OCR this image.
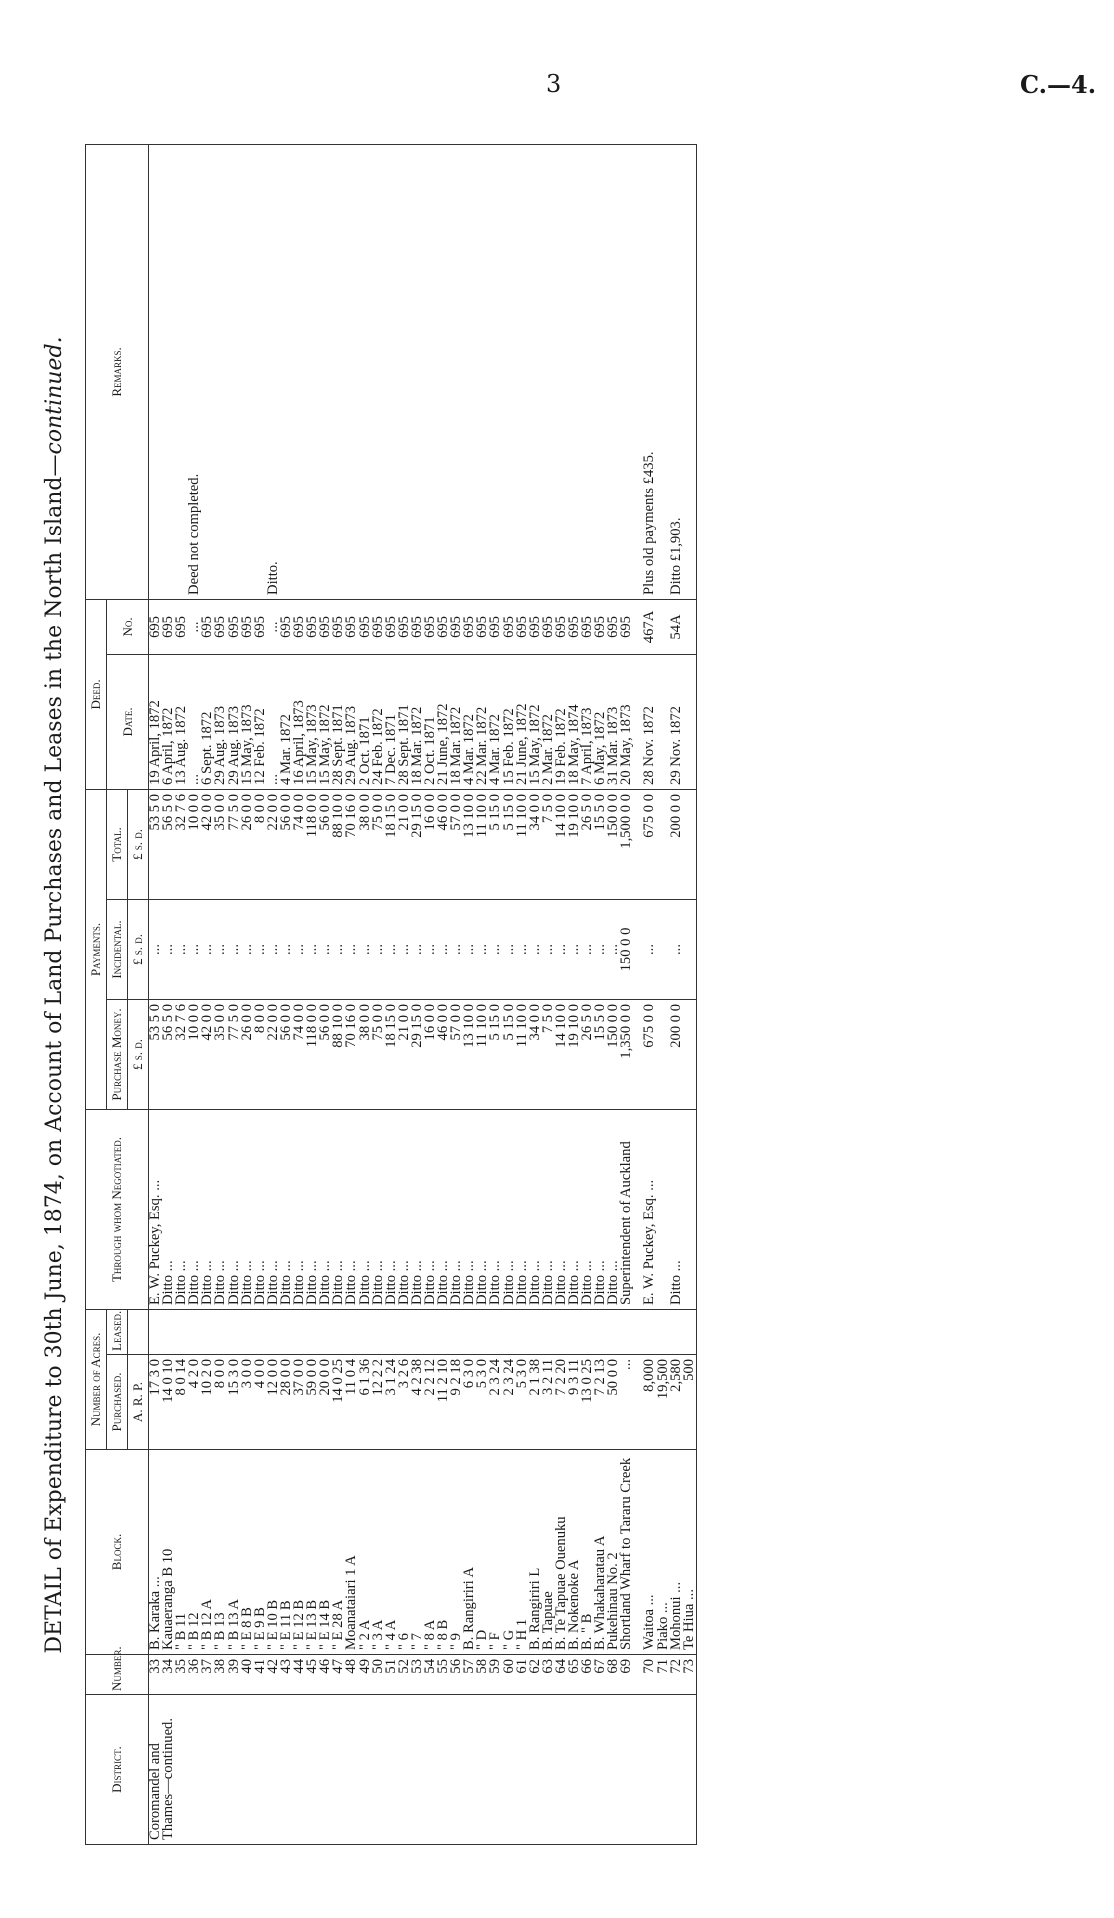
3	C.—4.
DETAIL of Expenditure to 30th June, 1874, on Account of Land Purchases and Leases in the North Island—continued.
District.	Number.	Block.	Number of Acres.		Through whom Negotiated.	Payments.			Deed.		Remarks.
			Purchased.	Leased.		Purchase Money.	Incidental.	Total.	Date.	No.	
			A. R. P.			£ s. d.	£ s. d.	£ s. d.			
Coromandel and	33	B. Karaka ...	17 3 0		E. W. Puckey, Esq. ...	53 5 0	...	53 5 0	19 April, 1872	695	
Thames—continued.	34	Kauaeranga B 10	14 0 10		Ditto ...	56 5 0	...	56 5 0	6 April, 1872	695	
	35	" B 11	8 0 14		Ditto ...	32 7 6	...	32 7 6	13 Aug. 1872	695	
	36	" B 12	4 2 0		Ditto ...	10 0 0	...	10 0 0	...	...	Deed not completed.
	37	" B 12 A	10 2 0		Ditto ...	42 0 0	...	42 0 0	6 Sept. 1872	695	
	38	" B 13	8 0 0		Ditto ...	35 0 0	...	35 0 0	29 Aug. 1873	695	
	39	" B 13 A	15 3 0		Ditto ...	77 5 0	...	77 5 0	29 Aug. 1873	695	
	40	" E 8 B	3 0 0		Ditto ...	26 0 0	...	26 0 0	15 May, 1873	695	
	41	" E 9 B	4 0 0		Ditto ...	8 0 0	...	8 0 0	12 Feb. 1872	695	
	42	" E 10 B	12 0 0		Ditto ...	22 0 0	...	22 0 0	...	...	Ditto.
	43	" E 11 B	28 0 0		Ditto ...	56 0 0	...	56 0 0	4 Mar. 1872	695	
	44	" E 12 B	37 0 0		Ditto ...	74 0 0	...	74 0 0	16 April, 1873	695	
	45	" E 13 B	59 0 0		Ditto ...	118 0 0	...	118 0 0	15 May, 1873	695	
	46	" E 14 B	20 0 0		Ditto ...	56 0 0	...	56 0 0	15 May, 1872	695	
	47	" E 28 A	14 0 25		Ditto ...	88 10 0	...	88 10 0	28 Sept. 1871	695	
	48	Moanataiari 1 A	11 0 4		Ditto ...	70 16 0	...	70 16 0	29 Aug. 1873	695	
	49	" 2 A	6 1 36		Ditto ...	38 0 0	...	38 0 0	2 Oct. 1871	695	
	50	" 3 A	12 2 2		Ditto ...	75 0 0	...	75 0 0	24 Feb. 1872	695	
	51	" 4 A	3 1 24		Ditto ...	18 15 0	...	18 15 0	7 Dec. 1871	695	
	52	" 6	3 2 6		Ditto ...	21 0 0	...	21 0 0	28 Sept. 1871	695	
	53	" 7	4 2 38		Ditto ...	29 15 0	...	29 15 0	18 Mar. 1872	695	
	54	" 8 A	2 2 12		Ditto ...	16 0 0	...	16 0 0	2 Oct. 1871	695	
	55	" 8 B	11 2 10		Ditto ...	46 0 0	...	46 0 0	21 June, 1872	695	
	56	" 9	9 2 18		Ditto ...	57 0 0	...	57 0 0	18 Mar. 1872	695	
	57	B. Rangiriri A	6 3 0		Ditto ...	13 10 0	...	13 10 0	4 Mar. 1872	695	
	58	" D	5 3 0		Ditto ...	11 10 0	...	11 10 0	22 Mar. 1872	695	
	59	" F	2 3 24		Ditto ...	5 15 0	...	5 15 0	4 Mar. 1872	695	
	60	" G	2 3 24		Ditto ...	5 15 0	...	5 15 0	15 Feb. 1872	695	
	61	" H 1	5 3 0		Ditto ...	11 10 0	...	11 10 0	21 June, 1872	695	
	62	B. Rangiriri L	2 1 38		Ditto ...	34 0 0	...	34 0 0	15 May, 1872	695	
	63	B. Tapuae	3 2 11		Ditto ...	7 5 0	...	7 5 0	2 Mar. 1872	695	
	64	B. Te Tapuae Ouenuku	7 2 20		Ditto ...	14 10 0	...	14 10 0	19 Feb. 1872	695	
	65	B. Nokenoke A	9 3 11		Ditto ...	19 10 0	...	19 10 0	18 May, 1874	695	
	66	B. " B	13 0 25		Ditto ...	26 5 0	...	26 5 0	7 April, 1873	695	
	67	B. Whakaharatau A	7 2 13		Ditto ...	15 5 0	...	15 5 0	6 May, 1872	695	
	68	Pukehinau No. 2	50 0 0		Ditto ...	150 0 0	...	150 0 0	31 Mar. 1873	695	
	69	Shortland Wharf to Tararu Creek	...		Superintendent of Auckland	1,350 0 0	150 0 0	1,500 0 0	20 May, 1873	695	

	70	Waitoa ...	8,000		E. W. Puckey, Esq. ...	675 0 0	...	675 0 0	28 Nov. 1872	467A	Plus old payments £435.
	71	Piako ...	19,500								
	72	Mohonui ...	2,580		Ditto ...	200 0 0	...	200 0 0	29 Nov. 1872	54A	Ditto £1,903.
	73	Te Hiua ...	500								
